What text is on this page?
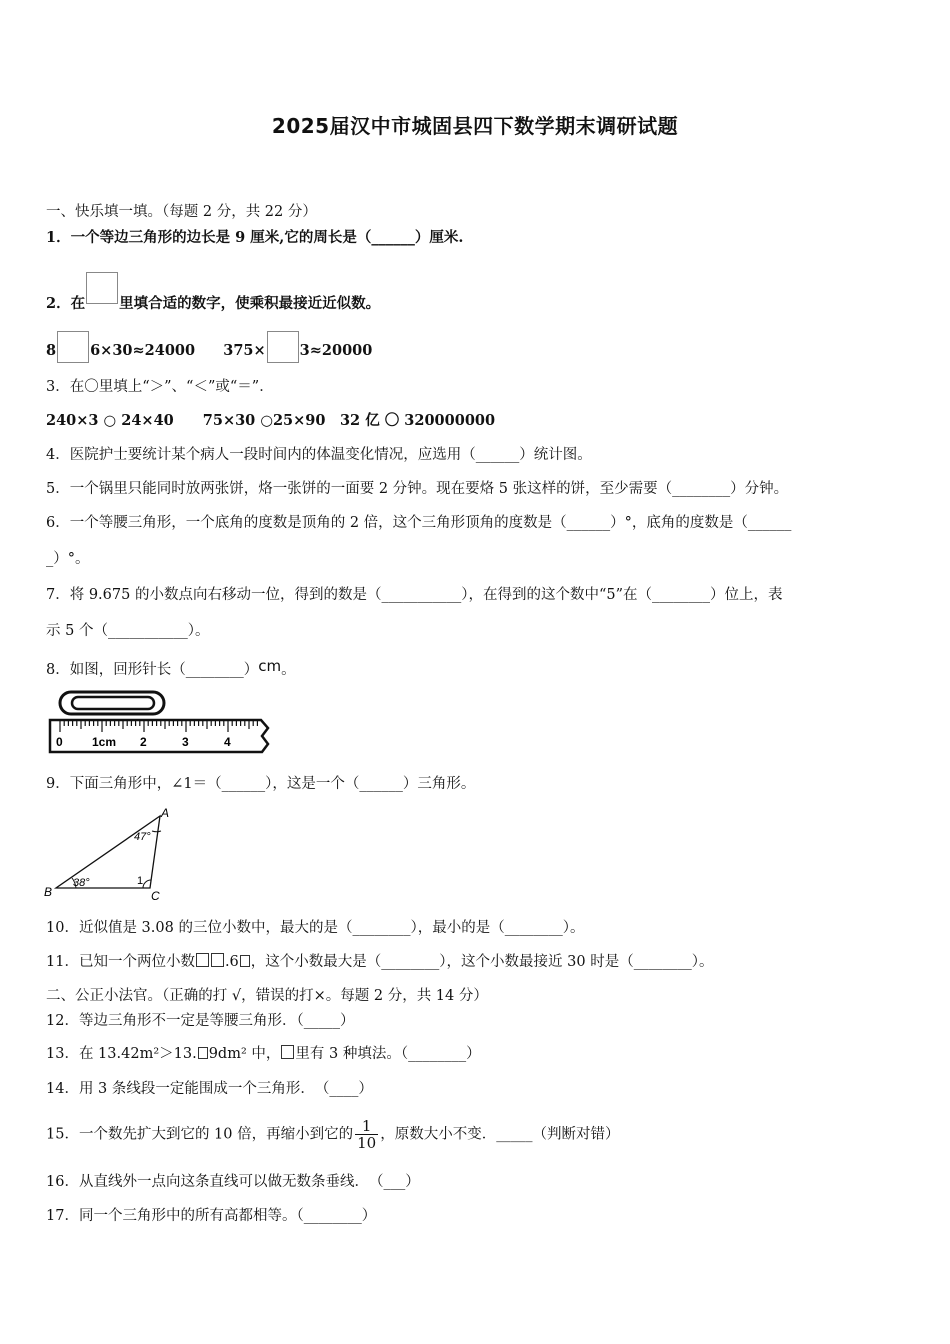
2025届汉中市城固县四下数学期末调研试题
一、快乐填一填。（每题 2 分，共 22 分）
1．一个等边三角形的边长是 9 厘米,它的周长是（______）厘米.
2．在 里填合适的数字，使乘积最接近近似数。
8 6×30≈24000 375× 3≈20000
3．在〇里填上“＞”、“＜”或“＝”．
240×3 ○ 24×40　　75×30 ○25×90　32 亿 〇 320000000
4．医院护士要统计某个病人一段时间内的体温变化情况，应选用（______）统计图。
5．一个锅里只能同时放两张饼，烙一张饼的一面要 2 分钟。现在要烙 5 张这样的饼，至少需要（________）分钟。
6．一个等腰三角形，一个底角的度数是顶角的 2 倍，这个三角形顶角的度数是（______）°，底角的度数是（______
_）°。
7．将 9.675 的小数点向右移动一位，得到的数是（___________），在得到的这个数中“5”在（________）位上，表
示 5 个（___________）。
8．如图，回形针长（________）cm。
0 1cm 2	3	4
9．下面三角形中，∠1＝（______），这是一个（______）三角形。
A
B	C
47°
38°	1
10．近似值是 3.08 的三位小数中，最大的是（________），最小的是（________）。
11．已知一个两位小数 .6 ，这个小数最大是（________），这个小数最接近 30 时是（________）。
二、公正小法官。（正确的打 √，错误的打×。每题 2 分，共 14 分）
12．等边三角形不一定是等腰三角形．（_____）
13．在 13.42m²＞13. 9dm² 中， 里有 3 种填法。（________）
14．用 3 条线段一定能围成一个三角形．　（____）
15．一个数先扩大到它的 10 倍，再缩小到它的 $\frac{1}{10}$ ，原数大小不变．_____（判断对错）
16．从直线外一点向这条直线可以做无数条垂线．　（___）
17．同一个三角形中的所有高都相等。（________）
